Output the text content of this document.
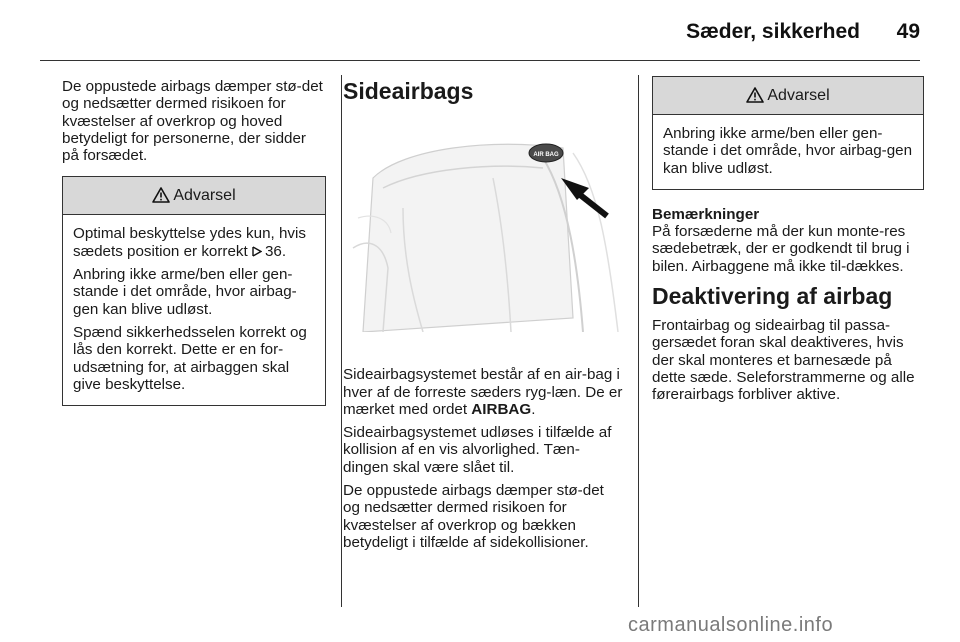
Sæder, sikkerhed	49

De oppustede airbags dæmper stø-det og nedsætter dermed risikoen for kvæstelser af overkrop og hoved betydeligt for personerne, der sidder på forsædet.

Advarsel

Optimal beskyttelse ydes kun, hvis sædets position er korrekt 36.

Anbring ikke arme/ben eller gen-stande i det område, hvor airbag-gen kan blive udløst.

Spænd sikkerhedsselen korrekt og lås den korrekt. Dette er en for-udsætning for, at airbaggen skal give beskyttelse.

Sideairbags
AIR BAG

Sideairbagsystemet består af en air-bag i hver af de forreste sæders ryg-læn. De er mærket med ordet AIRBAG.

Sideairbagsystemet udløses i tilfælde af kollision af en vis alvorlighed. Tæn-dingen skal være slået til.

De oppustede airbags dæmper stø-det og nedsætter dermed risikoen for kvæstelser af overkrop og bækken betydeligt i tilfælde af sidekollisioner.

Advarsel

Anbring ikke arme/ben eller gen-stande i det område, hvor airbag-gen kan blive udløst.

Bemærkninger

På forsæderne må der kun monte-res sædebetræk, der er godkendt til brug i bilen. Airbaggene må ikke til-dækkes.

Deaktivering af airbag

Frontairbag og sideairbag til passa-gersædet foran skal deaktiveres, hvis der skal monteres et barnesæde på dette sæde. Seleforstrammerne og alle førerairbags forbliver aktive.

carmanualsonline.info
